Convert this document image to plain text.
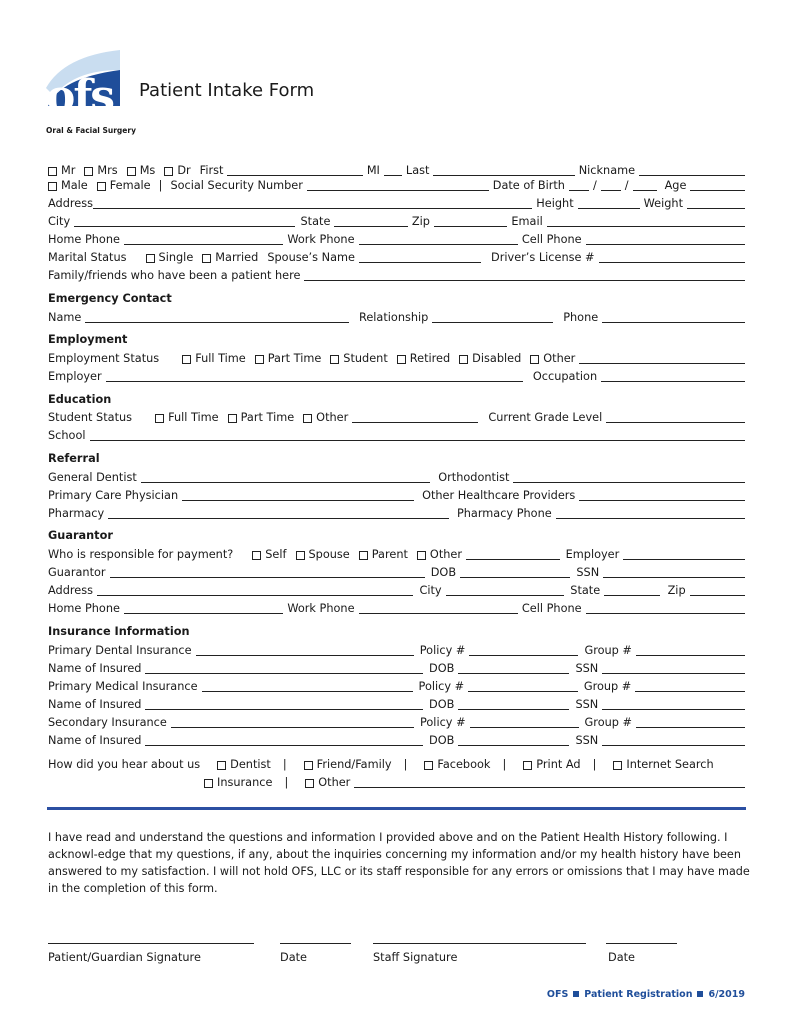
ofs
Oral & Facial Surgery
Patient Intake Form
Mr Mrs Ms Dr First	MI Last	Nickname
Male Female | Social Security Number	Date of Birth / /	Age
Address	Height	Weight
City	State	Zip	Email
Home Phone	Work Phone	Cell Phone
Marital Status	Single Married Spouse’s Name	Driver’s License #
Family/friends who have been a patient here
Emergency Contact
Name	Relationship	Phone
Employment
Employment Status	Full Time Part Time Student Retired Disabled Other
Employer	Occupation
Education
Student Status	Full Time Part Time Other	Current Grade Level
School
Referral
General Dentist	Orthodontist
Primary Care Physician	Other Healthcare Providers
Pharmacy	Pharmacy Phone
Guarantor
Who is responsible for payment?	Self Spouse Parent Other	Employer
Guarantor	DOB	SSN
Address	City	State	Zip
Home Phone	Work Phone	Cell Phone
Insurance Information
Primary Dental Insurance	Policy #	Group #
Name of Insured	DOB	SSN
Primary Medical Insurance	Policy #	Group #
Name of Insured	DOB	SSN
Secondary Insurance	Policy #	Group #
Name of Insured	DOB	SSN
How did you hear about us	Dentist |	Friend/Family |	Facebook |	Print Ad |	Internet Search
Insurance |	Other
I have read and understand the questions and information I provided above and on the Patient Health History following. I acknowl-edge that my questions, if any, about the inquiries concerning my information and/or my health history have been answered to my satisfaction. I will not hold OFS, LLC or its staff responsible for any errors or omissions that I may have made in the completion of this form.
Patient/Guardian Signature	Date	Staff Signature	Date
OFS Patient Registration 6/2019
